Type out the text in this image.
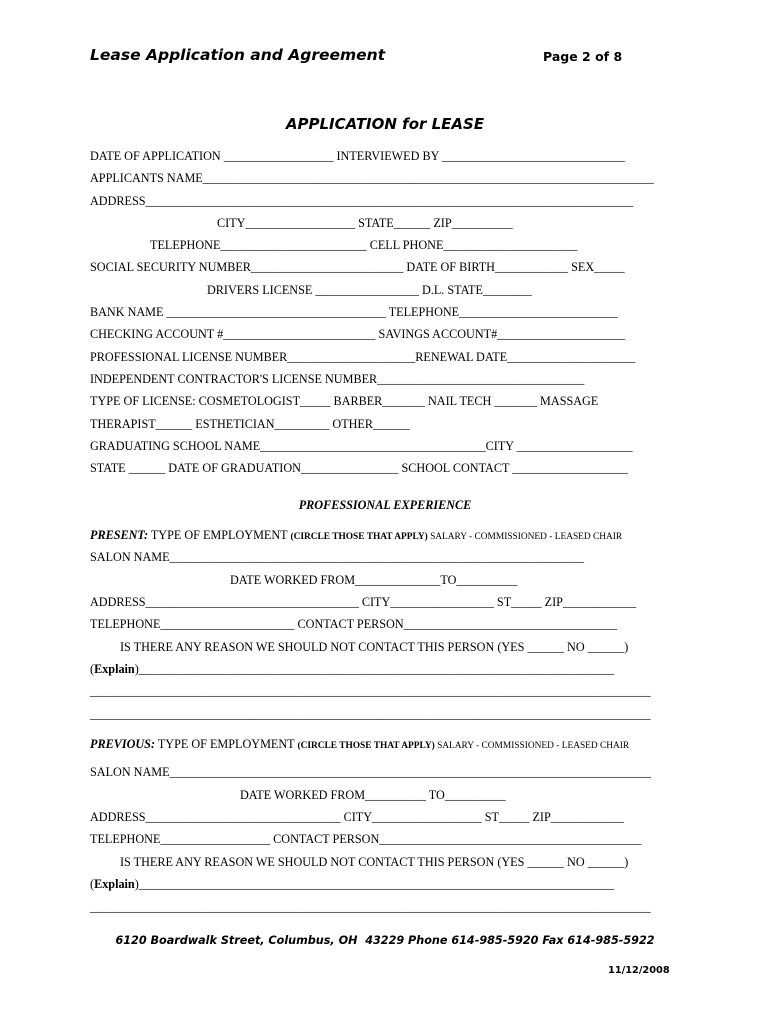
Lease Application and Agreement	Page 2 of 8
APPLICATION for LEASE
DATE OF APPLICATION __________________ INTERVIEWED BY ______________________________
APPLICANTS NAME__________________________________________________________________________
ADDRESS________________________________________________________________________________
CITY__________________ STATE______ ZIP__________
TELEPHONE________________________ CELL PHONE______________________
SOCIAL SECURITY NUMBER_________________________ DATE OF BIRTH____________ SEX_____
DRIVERS LICENSE _________________ D.L. STATE________
BANK NAME ____________________________________ TELEPHONE__________________________
CHECKING ACCOUNT #_________________________ SAVINGS ACCOUNT#_____________________
PROFESSIONAL LICENSE NUMBER_____________________RENEWAL DATE_____________________
INDEPENDENT CONTRACTOR'S LICENSE NUMBER__________________________________
TYPE OF LICENSE: COSMETOLOGIST_____ BARBER_______ NAIL TECH _______ MASSAGE
THERAPIST______ ESTHETICIAN_________ OTHER______
GRADUATING SCHOOL NAME_____________________________________CITY ___________________
STATE ______ DATE OF GRADUATION________________ SCHOOL CONTACT ___________________
PROFESSIONAL EXPERIENCE
PRESENT: TYPE OF EMPLOYMENT (CIRCLE THOSE THAT APPLY) SALARY - COMMISSIONED - LEASED CHAIR
SALON NAME____________________________________________________________________
DATE WORKED FROM______________TO__________
ADDRESS___________________________________ CITY_________________ ST_____ ZIP____________
TELEPHONE______________________ CONTACT PERSON___________________________________
IS THERE ANY REASON WE SHOULD NOT CONTACT THIS PERSON (YES ______ NO ______)
(Explain)______________________________________________________________________________
____________________________________________________________________________________________
____________________________________________________________________________________________
PREVIOUS: TYPE OF EMPLOYMENT (CIRCLE THOSE THAT APPLY) SALARY - COMMISSIONED - LEASED CHAIR
SALON NAME_______________________________________________________________________________
DATE WORKED FROM__________ TO__________
ADDRESS________________________________ CITY__________________ ST_____ ZIP____________
TELEPHONE__________________ CONTACT PERSON___________________________________________
IS THERE ANY REASON WE SHOULD NOT CONTACT THIS PERSON (YES ______ NO ______)
(Explain)______________________________________________________________________________
____________________________________________________________________________________________
6120 Boardwalk Street, Columbus, OH  43229 Phone 614-985-5920 Fax 614-985-5922
11/12/2008
